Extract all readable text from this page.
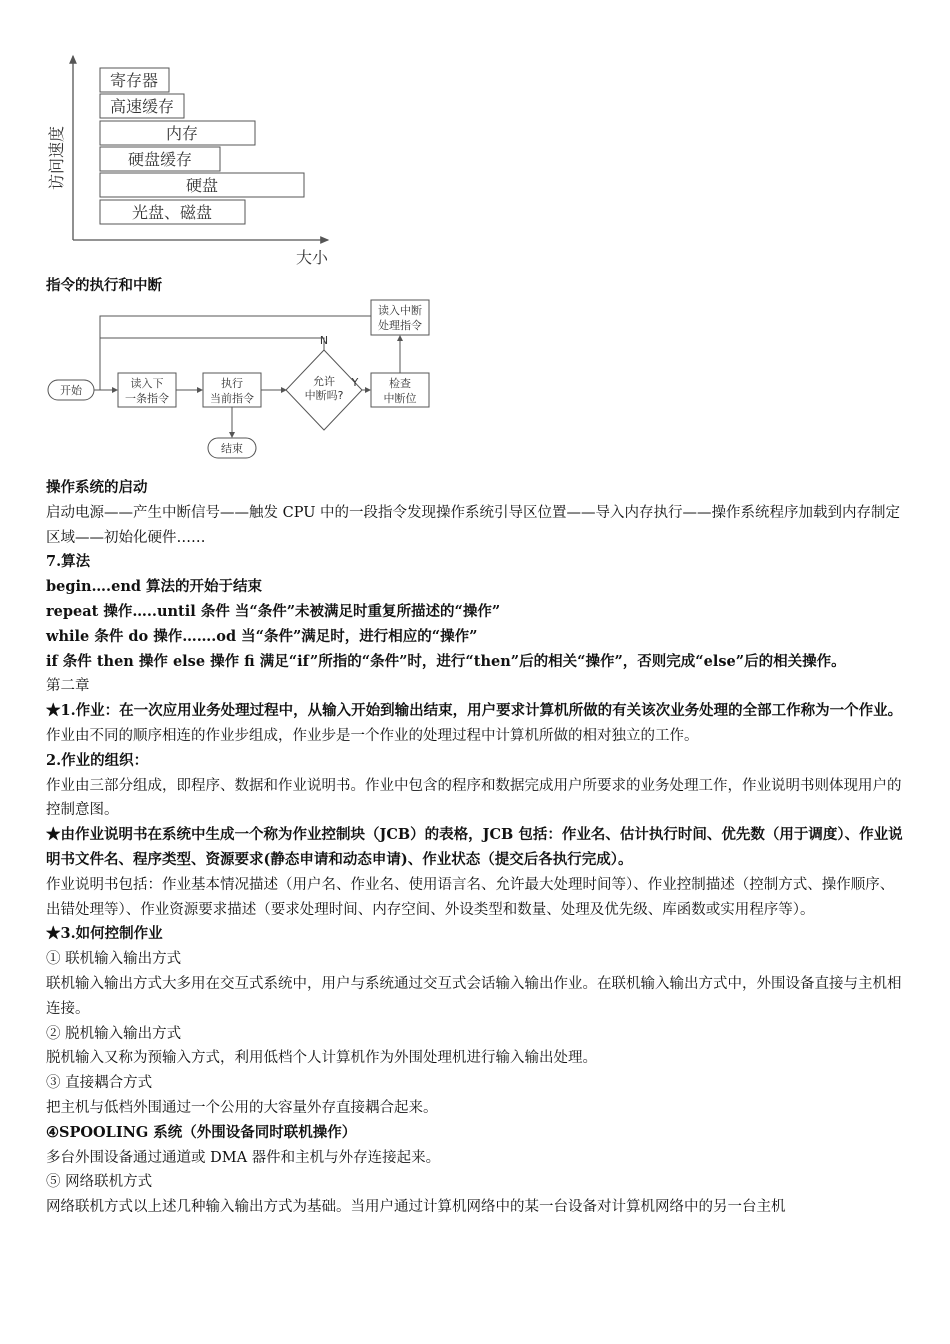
访问速度
大小
寄存器
高速缓存
内存
硬盘缓存
硬盘
光盘、磁盘
指令的执行和中断
开始
读入下
一条指令
执行
当前指令
结束
允许
中断吗?
N
Y	检查
中断位
读入中断
处理指令
操作系统的启动
启动电源——产生中断信号——触发 CPU 中的一段指令发现操作系统引导区位置——导入内存执行——操作系统程序加载到内存制定区域——初始化硬件……
7.算法
begin….end 算法的开始于结束
repeat 操作…..until 条件 当“条件”未被满足时重复所描述的“操作”
while 条件 do 操作…….od 当“条件”满足时，进行相应的“操作”
if 条件 then 操作 else 操作 fi 满足“if”所指的“条件”时，进行“then”后的相关“操作”，否则完成“else”后的相关操作。
第二章
★1.作业：在一次应用业务处理过程中，从输入开始到输出结束，用户要求计算机所做的有关该次业务处理的全部工作称为一个作业。
作业由不同的顺序相连的作业步组成，作业步是一个作业的处理过程中计算机所做的相对独立的工作。
2.作业的组织：
作业由三部分组成，即程序、数据和作业说明书。作业中包含的程序和数据完成用户所要求的业务处理工作，作业说明书则体现用户的控制意图。
★由作业说明书在系统中生成一个称为作业控制块（JCB）的表格，JCB 包括：作业名、估计执行时间、优先数（用于调度）、作业说明书文件名、程序类型、资源要求(静态申请和动态申请)、作业状态（提交后各执行完成）。
作业说明书包括：作业基本情况描述（用户名、作业名、使用语言名、允许最大处理时间等）、作业控制描述（控制方式、操作顺序、出错处理等）、作业资源要求描述（要求处理时间、内存空间、外设类型和数量、处理及优先级、库函数或实用程序等）。
★3.如何控制作业
① 联机输入输出方式
联机输入输出方式大多用在交互式系统中，用户与系统通过交互式会话输入输出作业。在联机输入输出方式中，外围设备直接与主机相连接。
② 脱机输入输出方式
脱机输入又称为预输入方式，利用低档个人计算机作为外围处理机进行输入输出处理。
③ 直接耦合方式
把主机与低档外围通过一个公用的大容量外存直接耦合起来。
④SPOOLING 系统（外围设备同时联机操作）
多台外围设备通过通道或 DMA 器件和主机与外存连接起来。
⑤ 网络联机方式
网络联机方式以上述几种输入输出方式为基础。当用户通过计算机网络中的某一台设备对计算机网络中的另一台主机
